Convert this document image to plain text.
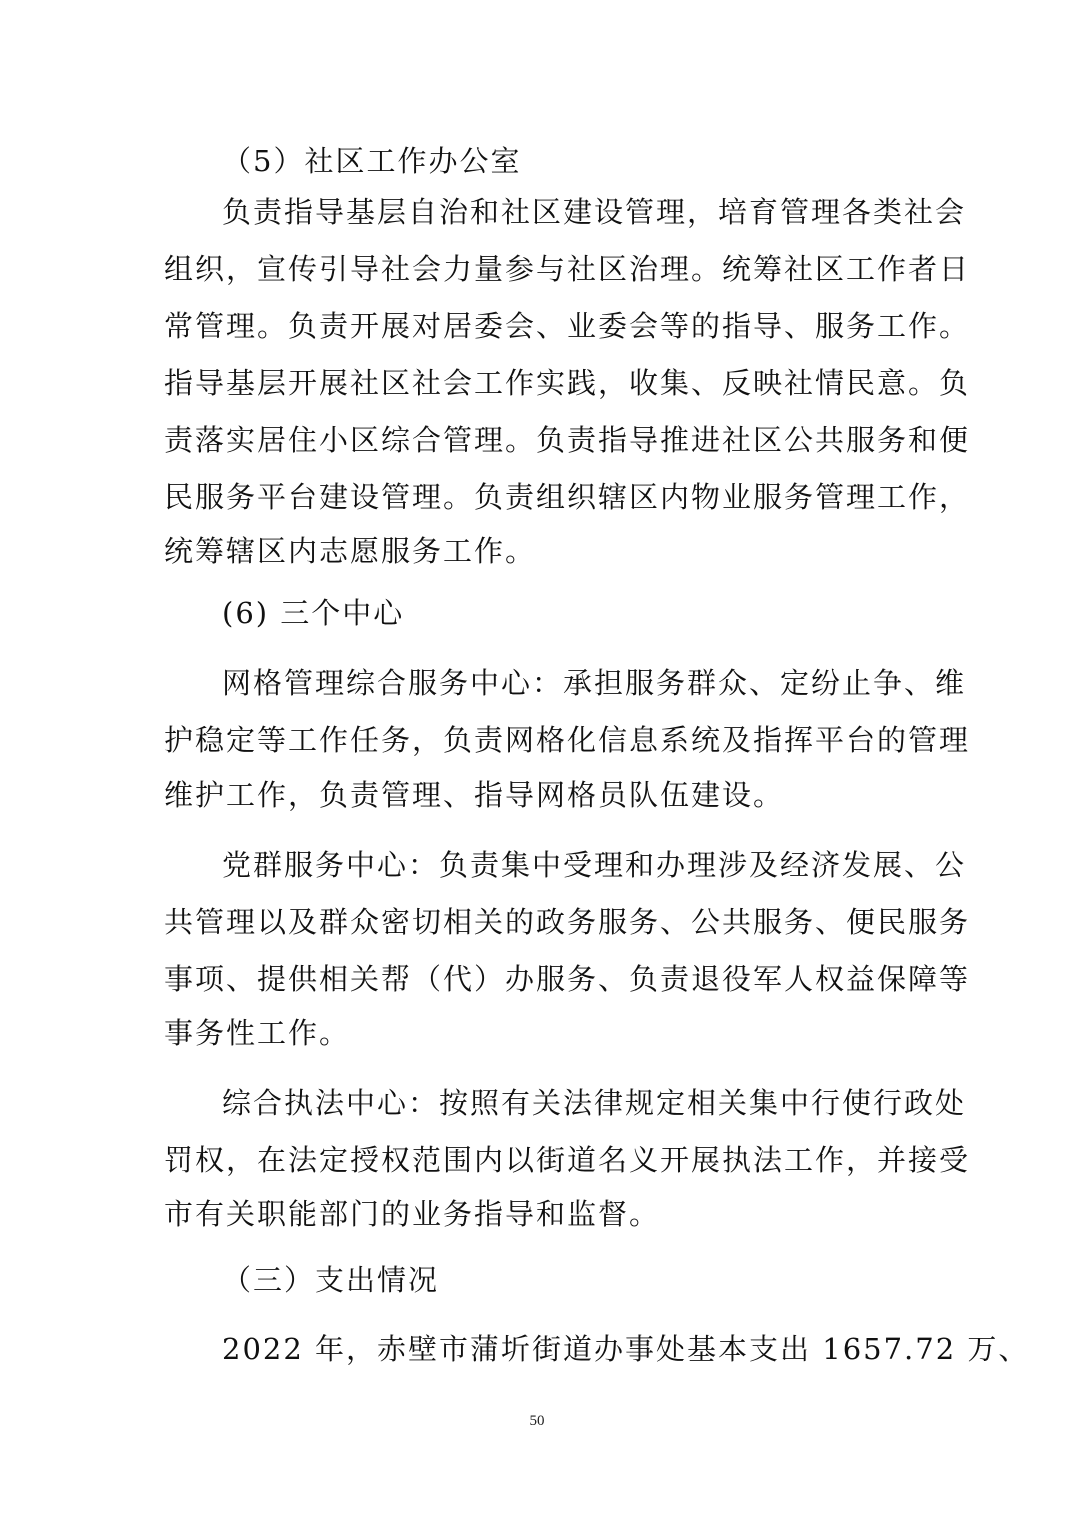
（5）社区工作办公室
负责指导基层自治和社区建设管理，培育管理各类社会
组织，宣传引导社会力量参与社区治理。统筹社区工作者日
常管理。负责开展对居委会、业委会等的指导、服务工作。
指导基层开展社区社会工作实践，收集、反映社情民意。负
责落实居住小区综合管理。负责指导推进社区公共服务和便
民服务平台建设管理。负责组织辖区内物业服务管理工作，
统筹辖区内志愿服务工作。
(6) 三个中心
网格管理综合服务中心：承担服务群众、定纷止争、维
护稳定等工作任务，负责网格化信息系统及指挥平台的管理
维护工作，负责管理、指导网格员队伍建设。
党群服务中心：负责集中受理和办理涉及经济发展、公
共管理以及群众密切相关的政务服务、公共服务、便民服务
事项、提供相关帮（代）办服务、负责退役军人权益保障等
事务性工作。
综合执法中心：按照有关法律规定相关集中行使行政处
罚权，在法定授权范围内以街道名义开展执法工作，并接受
市有关职能部门的业务指导和监督。
（三）支出情况
2022 年，赤壁市蒲圻街道办事处基本支出 1657.72 万、
50
